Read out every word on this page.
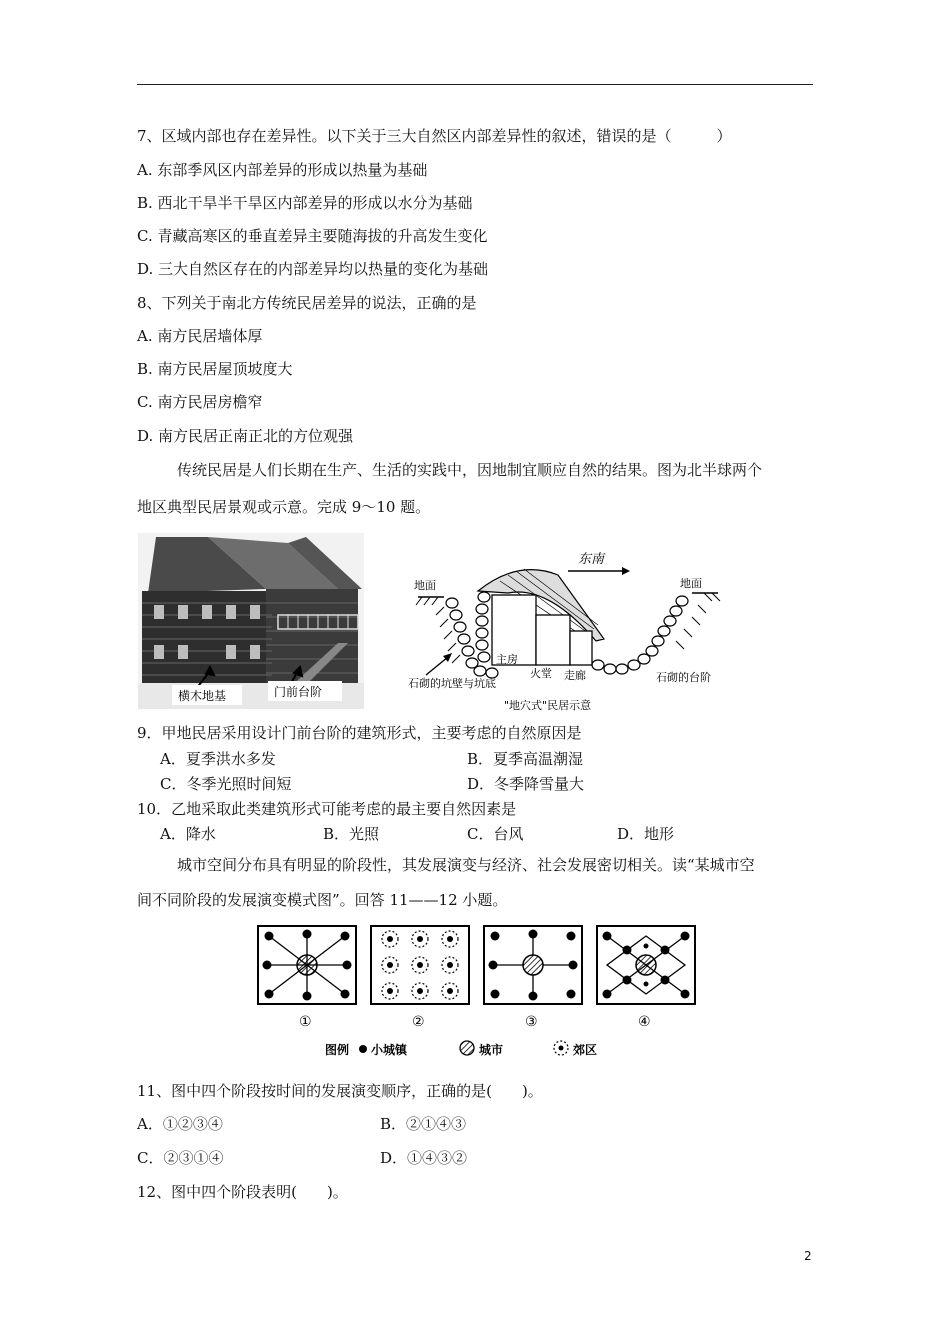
7、区域内部也存在差异性。以下关于三大自然区内部差异性的叙述，错误的是（　　　）
A. 东部季风区内部差异的形成以热量为基础
B. 西北干旱半干旱区内部差异的形成以水分为基础
C. 青藏高寒区的垂直差异主要随海拔的升高发生变化
D. 三大自然区存在的内部差异均以热量的变化为基础
8、下列关于南北方传统民居差异的说法，正确的是
A. 南方民居墙体厚
B. 南方民居屋顶坡度大
C. 南方民居房檐窄
D. 南方民居正南正北的方位观强
传统民居是人们长期在生产、生活的实践中，因地制宜顺应自然的结果。图为北半球两个
地区典型民居景观或示意。完成 9～10 题。
横木地基	门前台阶
东南
地面	地面
主房
火堂 走廊
石砌的坑壁与坑底	石砌的台阶
"地穴式"民居示意
9．甲地民居采用设计门前台阶的建筑形式，主要考虑的自然原因是
A．夏季洪水多发	B．夏季高温潮湿
C．冬季光照时间短	D．冬季降雪量大
10．乙地采取此类建筑形式可能考虑的最主要自然因素是
A．降水	B．光照	C．台风	D．地形
城市空间分布具有明显的阶段性，其发展演变与经济、社会发展密切相关。读“某城市空
间不同阶段的发展演变模式图”。回答 11——12 小题。
①	②	③	④
图例 小城镇	城市	郊区
11、图中四个阶段按时间的发展演变顺序，正确的是(　　)。
A．①②③④	B．②①④③
C．②③①④	D．①④③②
12、图中四个阶段表明(　　)。
2
